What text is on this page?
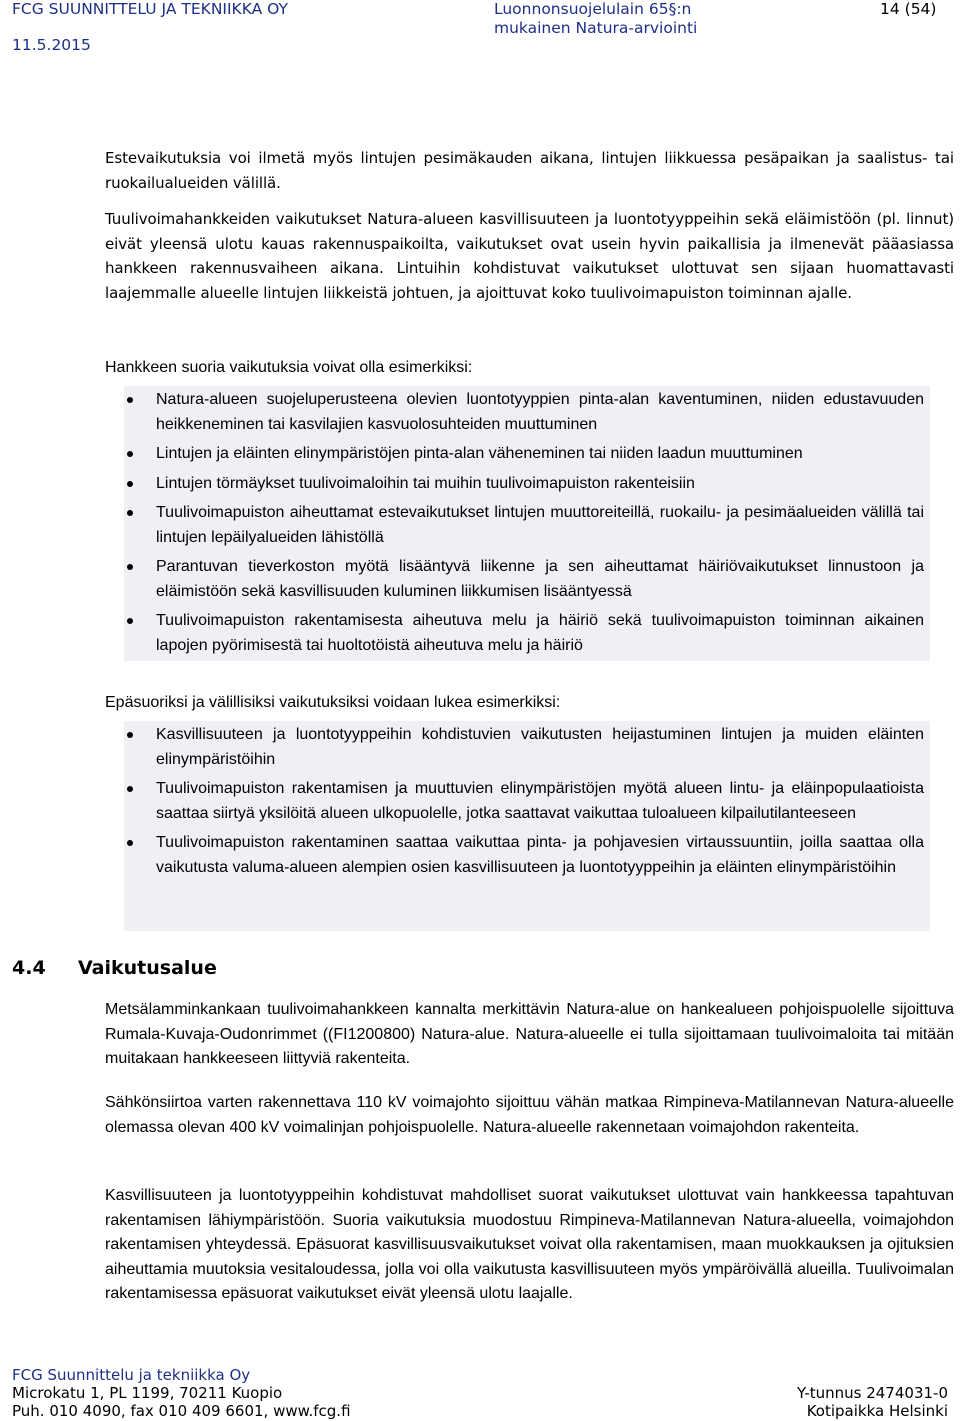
FCG SUUNNITTELU JA TEKNIIKKA OY
11.5.2015
Luonnonsuojelulain 65§:n
mukainen Natura-arviointi
14 (54)

Estevaikutuksia voi ilmetä myös lintujen pesimäkauden aikana, lintujen liikkuessa pesäpaikan ja saalistus- tai ruokailualueiden välillä.

Tuulivoimahankkeiden vaikutukset Natura-alueen kasvillisuuteen ja luontotyyppeihin sekä eläimistöön (pl. linnut) eivät yleensä ulotu kauas rakennuspaikoilta, vaikutukset ovat usein hyvin paikallisia ja ilmenevät pääasiassa hankkeen rakennusvaiheen aikana. Lintuihin kohdistuvat vaikutukset ulottuvat sen sijaan huomattavasti laajemmalle alueelle lintujen liikkeistä johtuen, ja ajoittuvat koko tuulivoimapuiston toiminnan ajalle.

Hankkeen suoria vaikutuksia voivat olla esimerkiksi:

Natura-alueen suojeluperusteena olevien luontotyyppien pinta-alan kaventuminen, niiden edustavuuden heikkeneminen tai kasvilajien kasvuolosuhteiden muuttuminen
Lintujen ja eläinten elinympäristöjen pinta-alan väheneminen tai niiden laadun muuttuminen
Lintujen törmäykset tuulivoimaloihin tai muihin tuulivoimapuiston rakenteisiin
Tuulivoimapuiston aiheuttamat estevaikutukset lintujen muuttoreiteillä, ruokailu- ja pesimäalueiden välillä tai lintujen lepäilyalueiden lähistöllä
Parantuvan tieverkoston myötä lisääntyvä liikenne ja sen aiheuttamat häiriövaikutukset linnustoon ja eläimistöön sekä kasvillisuuden kuluminen liikkumisen lisääntyessä
Tuulivoimapuiston rakentamisesta aiheutuva melu ja häiriö sekä tuulivoimapuiston toiminnan aikainen lapojen pyörimisestä tai huoltotöistä aiheutuva melu ja häiriö

Epäsuoriksi ja välillisiksi vaikutuksiksi voidaan lukea esimerkiksi:

Kasvillisuuteen ja luontotyyppeihin kohdistuvien vaikutusten heijastuminen lintujen ja muiden eläinten elinympäristöihin
Tuulivoimapuiston rakentamisen ja muuttuvien elinympäristöjen myötä alueen lintu- ja eläinpopulaatioista saattaa siirtyä yksilöitä alueen ulkopuolelle, jotka saattavat vaikuttaa tuloalueen kilpailutilanteeseen
Tuulivoimapuiston rakentaminen saattaa vaikuttaa pinta- ja pohjavesien virtaussuuntiin, joilla saattaa olla vaikutusta valuma-alueen alempien osien kasvillisuuteen ja luontotyyppeihin ja eläinten elinympäristöihin
4.4 Vaikutusalue

Metsälamminkankaan tuulivoimahankkeen kannalta merkittävin Natura-alue on hankealueen pohjoispuolelle sijoittuva Rumala-Kuvaja-Oudonrimmet ((FI1200800) Natura-alue. Natura-alueelle ei tulla sijoittamaan tuulivoimaloita tai mitään muitakaan hankkeeseen liittyviä rakenteita.

Sähkönsiirtoa varten rakennettava 110 kV voimajohto sijoittuu vähän matkaa Rimpineva-Matilannevan Natura-alueelle olemassa olevan 400 kV voimalinjan pohjoispuolelle. Natura-alueelle rakennetaan voimajohdon rakenteita.

Kasvillisuuteen ja luontotyyppeihin kohdistuvat mahdolliset suorat vaikutukset ulottuvat vain hankkeessa tapahtuvan rakentamisen lähiympäristöön. Suoria vaikutuksia muodostuu Rimpineva-Matilannevan Natura-alueella, voimajohdon rakentamisen yhteydessä. Epäsuorat kasvillisuusvaikutukset voivat olla rakentamisen, maan muokkauksen ja ojituksien aiheuttamia muutoksia vesitaloudessa, jolla voi olla vaikutusta kasvillisuuteen myös ympäröivällä alueilla. Tuulivoimalan rakentamisessa epäsuorat vaikutukset eivät yleensä ulotu laajalle.

FCG Suunnittelu ja tekniikka Oy
Microkatu 1, PL 1199, 70211 Kuopio
Puh. 010 4090, fax 010 409 6601, www.fcg.fi
Y-tunnus 2474031-0
Kotipaikka Helsinki
